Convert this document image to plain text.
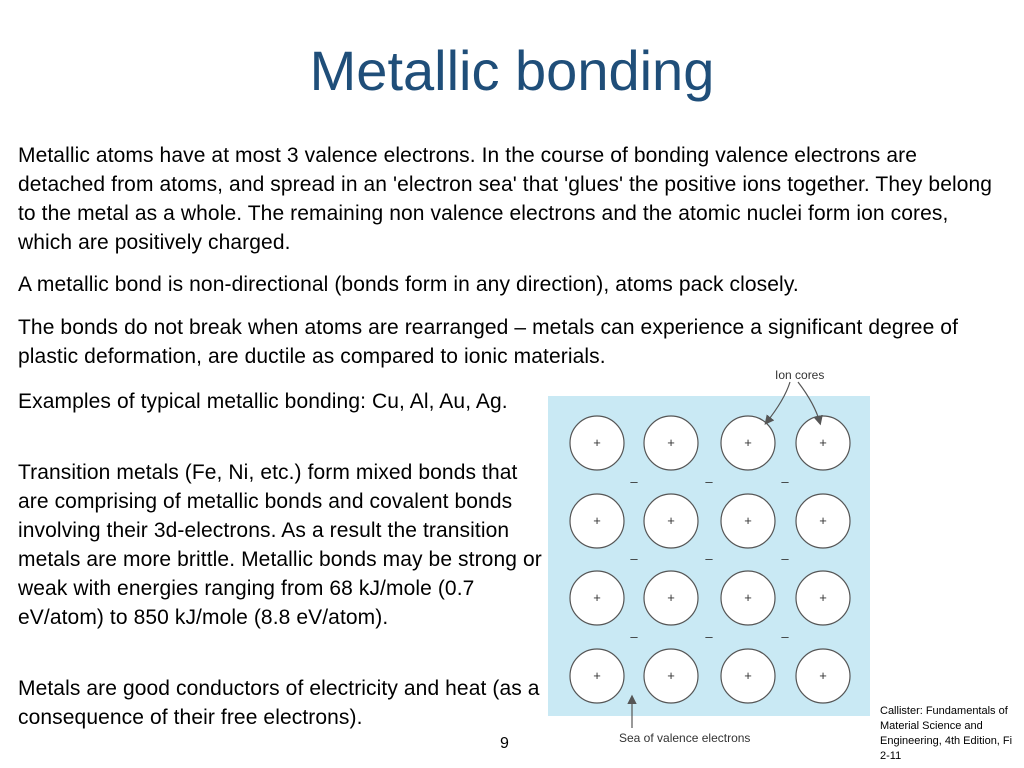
Metallic bonding

Metallic atoms have at most 3 valence electrons. In the course of bonding valence electrons are detached from atoms, and spread in an 'electron sea' that 'glues' the positive ions together. They belong to the metal as a whole. The remaining non valence electrons and the atomic nuclei form ion cores, which are positively charged.

A metallic bond is non-directional (bonds form in any direction), atoms pack closely.

The bonds do not break when atoms are rearranged – metals can experience a significant degree of plastic deformation, are ductile as compared to ionic materials.

Examples of typical metallic bonding: Cu, Al, Au, Ag.

Transition metals (Fe, Ni, etc.) form mixed bonds that are comprising of metallic bonds and covalent bonds involving their 3d-electrons. As a result the transition metals are more brittle. Metallic bonds may be strong or weak with energies ranging from 68 kJ/mole (0.7 eV/atom) to 850 kJ/mole (8.8 eV/atom).

Metals are good conductors of electricity and heat (as a consequence of their free electrons).

9
Callister: Fundamentals of
Material Science and
Engineering, 4th Edition, Fi
2-11
+	+	+	+
+	+	+	+
+	+	+	+
+	+	+	+
–	–	–
–	–	–
–	–	–
Ion cores
Sea of valence electrons
